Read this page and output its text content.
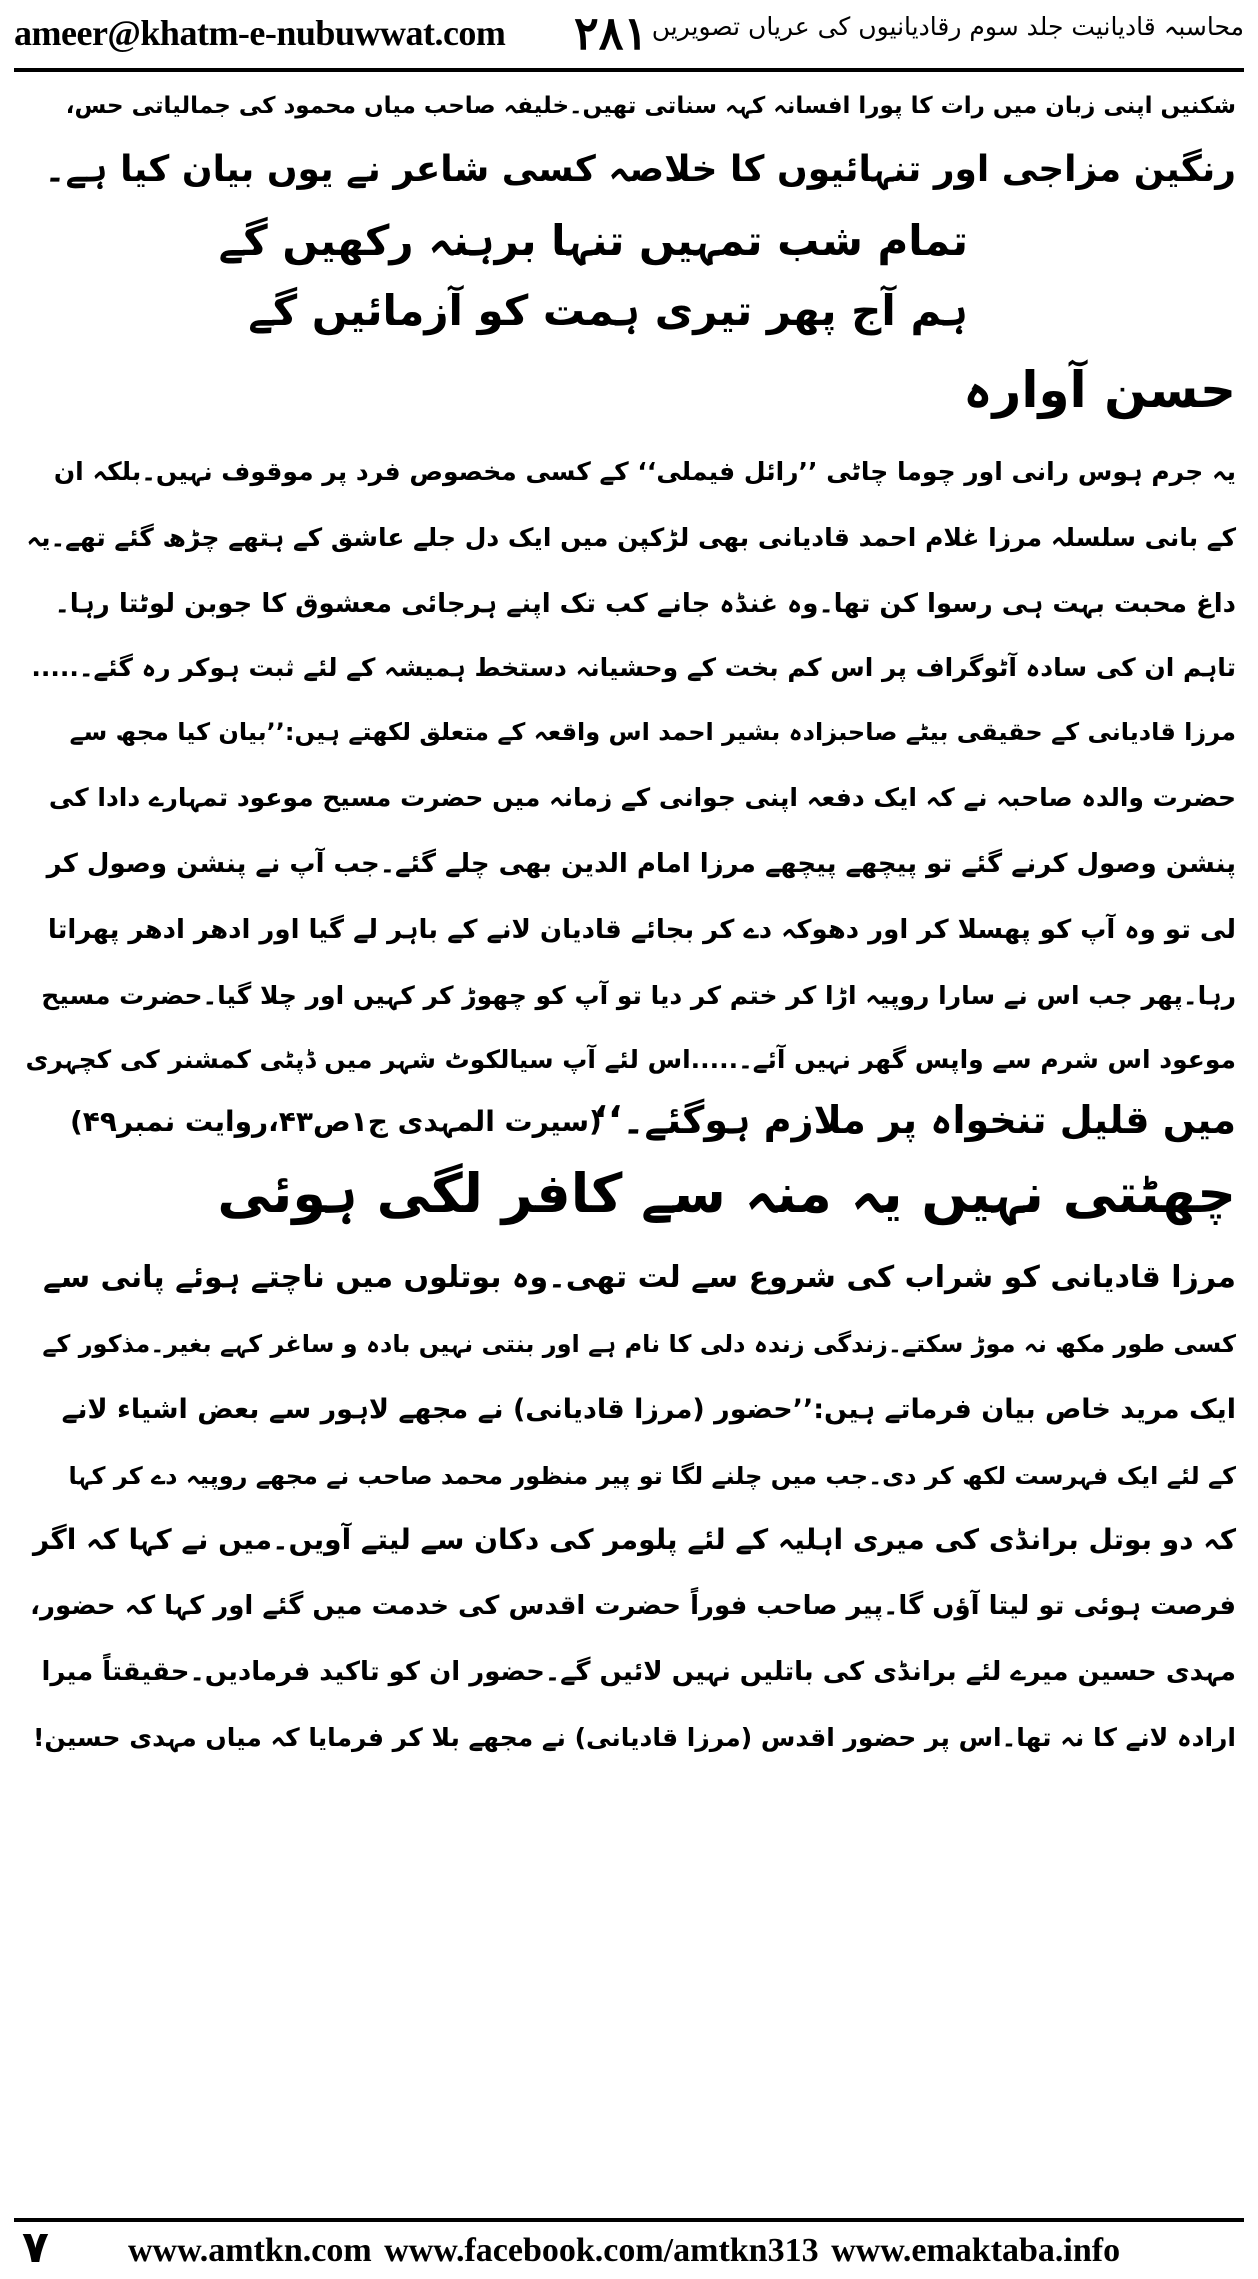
ameer@khatm-e-nubuwwat.com ۲۸۱ محاسبہ قادیانیت جلد سوم رقادیانیوں کی عریاں تصویریں
شکنیں اپنی زبان میں رات کا پورا افسانہ کہہ سناتی تھیں۔خلیفہ صاحب میاں محمود کی جمالیاتی حس،
رنگین مزاجی اور تنہائیوں کا خلاصہ کسی شاعر نے یوں بیان کیا ہے۔
تمام شب تمہیں تنہا برہنہ رکھیں گے
ہم آج پھر تیری ہمت کو آزمائیں گے
حسن آوارہ
یہ جرم ہوس رانی اور چوما چاٹی ’’رائل فیملی‘‘ کے کسی مخصوص فرد پر موقوف نہیں۔بلکہ ان
کے بانی سلسلہ مرزا غلام احمد قادیانی بھی لڑکپن میں ایک دل جلے عاشق کے ہتھے چڑھ گئے تھے۔یہ
داغ محبت بہت ہی رسوا کن تھا۔وہ غنڈہ جانے کب تک اپنے ہرجائی معشوق کا جوبن لوٹتا رہا۔
تاہم ان کی سادہ آٹوگراف پر اس کم بخت کے وحشیانہ دستخط ہمیشہ کے لئے ثبت ہوکر رہ گئے۔.....
مرزا قادیانی کے حقیقی بیٹے صاحبزادہ بشیر احمد اس واقعہ کے متعلق لکھتے ہیں:’’بیان کیا مجھ سے
حضرت والدہ صاحبہ نے کہ ایک دفعہ اپنی جوانی کے زمانہ میں حضرت مسیح موعود تمہارے دادا کی
پنشن وصول کرنے گئے تو پیچھے پیچھے مرزا امام الدین بھی چلے گئے۔جب آپ نے پنشن وصول کر
لی تو وہ آپ کو پھسلا کر اور دھوکہ دے کر بجائے قادیان لانے کے باہر لے گیا اور ادھر ادھر پھراتا
رہا۔پھر جب اس نے سارا روپیہ اڑا کر ختم کر دیا تو آپ کو چھوڑ کر کہیں اور چلا گیا۔حضرت مسیح
موعود اس شرم سے واپس گھر نہیں آئے۔.....اس لئے آپ سیالکوٹ شہر میں ڈپٹی کمشنر کی کچہری
میں قلیل تنخواہ پر ملازم ہوگئے۔‘‘
(سیرت المہدی ج۱ص۴۳،روایت نمبر۴۹)
چھٹتی نہیں یہ منہ سے کافر لگی ہوئی
مرزا قادیانی کو شراب کی شروع سے لت تھی۔وہ بوتلوں میں ناچتے ہوئے پانی سے
کسی طور مکھ نہ موڑ سکتے۔زندگی زندہ دلی کا نام ہے اور بنتی نہیں بادہ و ساغر کہے بغیر۔مذکور کے
ایک مرید خاص بیان فرماتے ہیں:’’حضور (مرزا قادیانی) نے مجھے لاہور سے بعض اشیاء لانے
کے لئے ایک فہرست لکھ کر دی۔جب میں چلنے لگا تو پیر منظور محمد صاحب نے مجھے روپیہ دے کر کہا
کہ دو بوتل برانڈی کی میری اہلیہ کے لئے پلومر کی دکان سے لیتے آویں۔میں نے کہا کہ اگر
فرصت ہوئی تو لیتا آؤں گا۔پیر صاحب فوراً حضرت اقدس کی خدمت میں گئے اور کہا کہ حضور،
مہدی حسین میرے لئے برانڈی کی باتلیں نہیں لائیں گے۔حضور ان کو تاکید فرمادیں۔حقیقتاً میرا
ارادہ لانے کا نہ تھا۔اس پر حضور اقدس (مرزا قادیانی) نے مجھے بلا کر فرمایا کہ میاں مہدی حسین!
۷ www.amtkn.com www.facebook.com/amtkn313 www.emaktaba.info
